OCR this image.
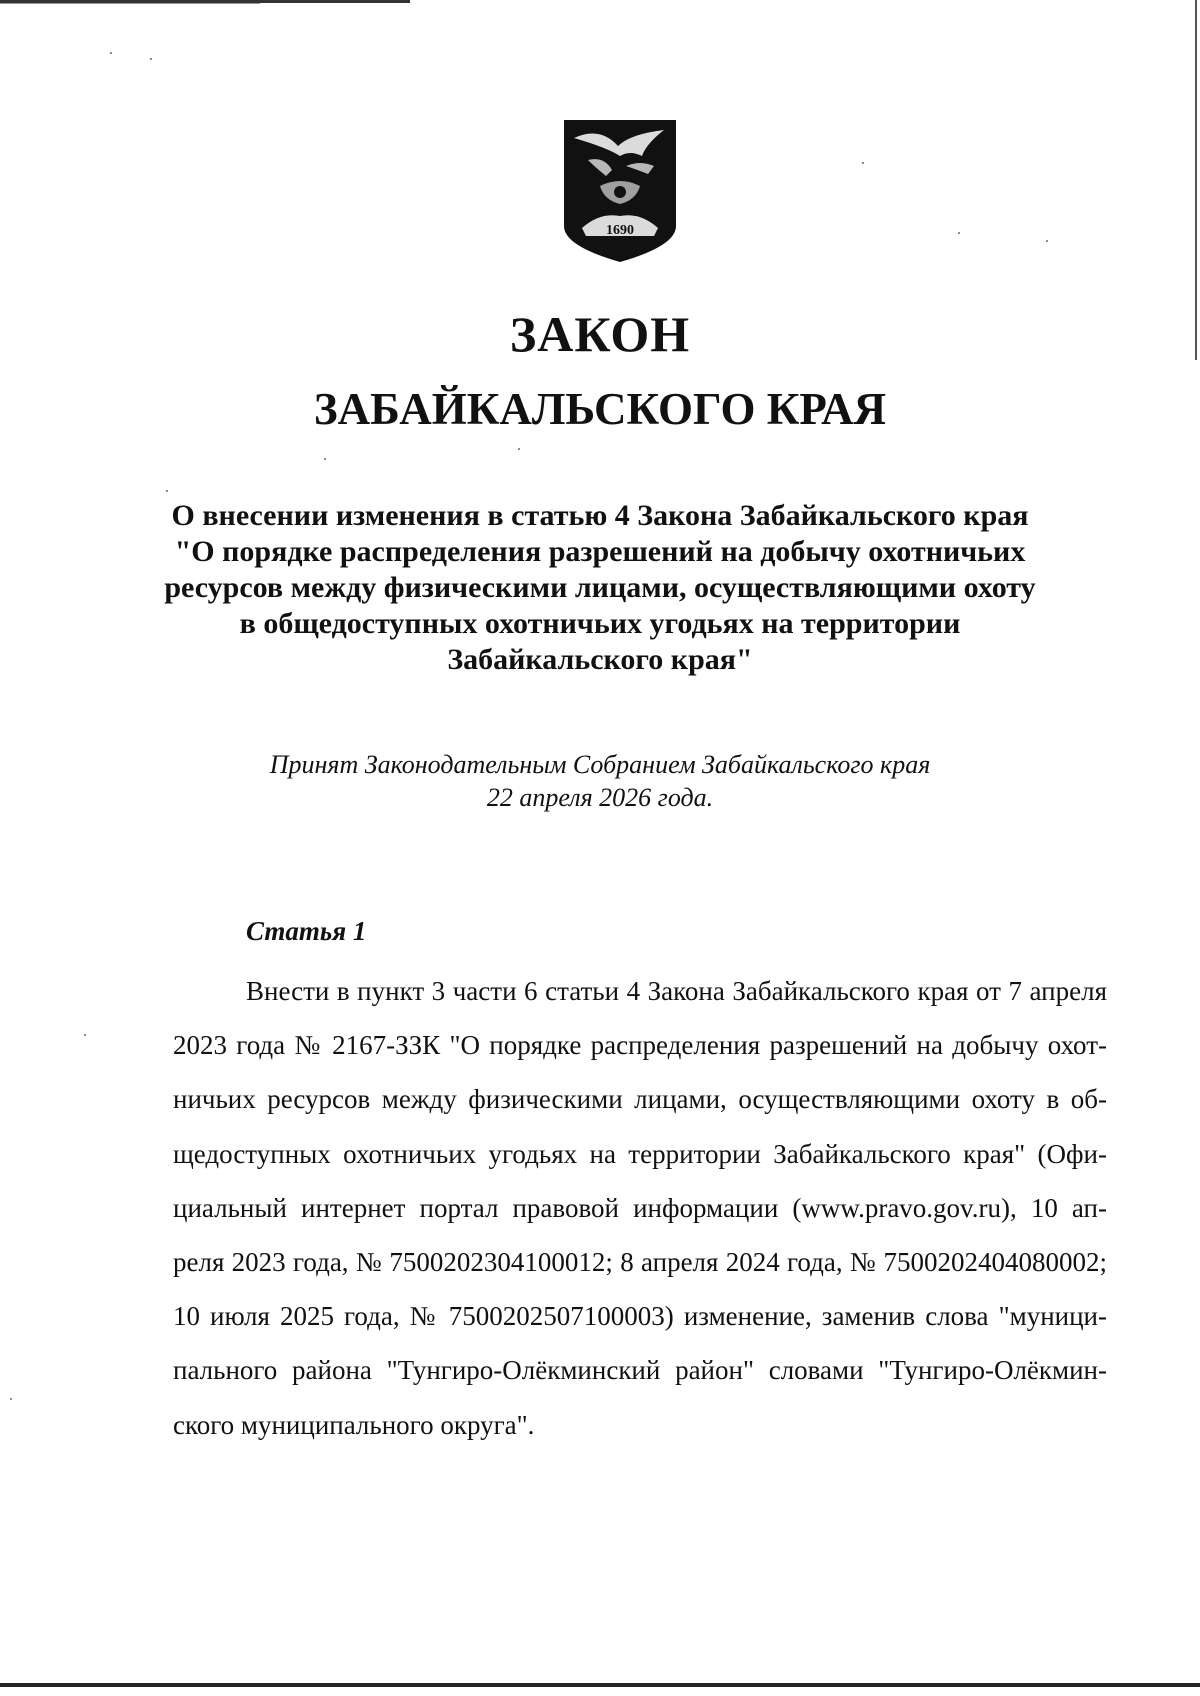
1690
ЗАКОН
ЗАБАЙКАЛЬСКОГО КРАЯ
О внесении изменения в статью 4 Закона Забайкальского края
"О порядке распределения разрешений на добычу охотничьих
ресурсов между физическими лицами, осуществляющими охоту
в общедоступных охотничьих угодьях на территории
Забайкальского края"
Принят Законодательным Собранием Забайкальского края
22 апреля 2026 года.
Статья 1
Внести в пункт 3 части 6 статьи 4 Закона Забайкальского края от 7 апреля
2023 года № 2167-ЗЗК "О порядке распределения разрешений на добычу охот-
ничьих ресурсов между физическими лицами, осуществляющими охоту в об-
щедоступных охотничьих угодьях на территории Забайкальского края" (Офи-
циальный интернет портал правовой информации (www.pravo.gov.ru), 10 ап-
реля 2023 года, № 7500202304100012; 8 апреля 2024 года, № 7500202404080002;
10 июля 2025 года, № 7500202507100003) изменение, заменив слова "муници-
пального района "Тунгиро-Олёкминский район" словами "Тунгиро-Олёкмин-
ского муниципального округа".
